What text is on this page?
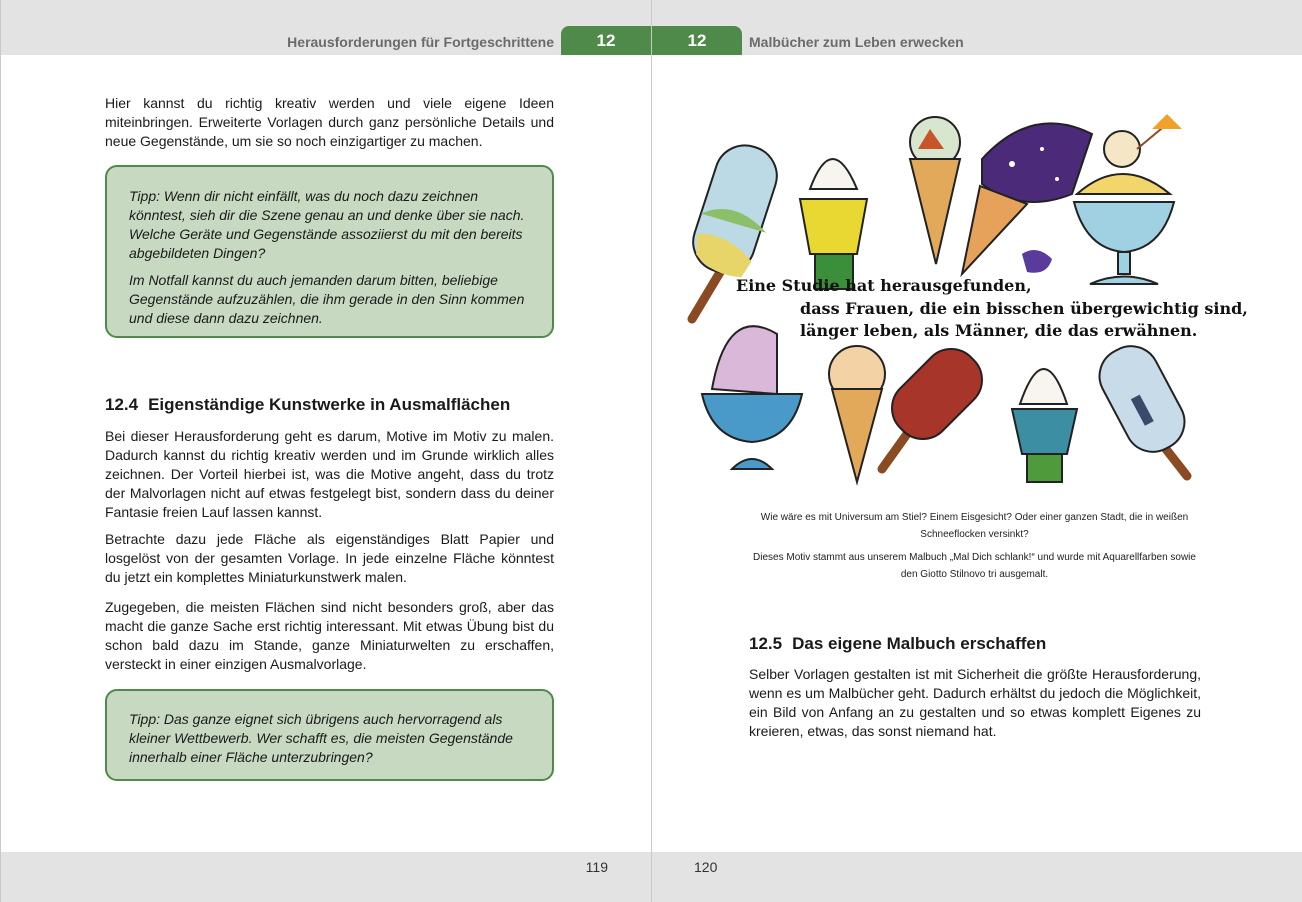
Herausforderungen für Fortgeschrittene	12

Hier kannst du richtig kreativ werden und viele eigene Ideen miteinbringen. Erweiterte Vorlagen durch ganz persönliche Details und neue Gegenstände, um sie so noch einzigartiger zu machen.

Tipp: Wenn dir nicht einfällt, was du noch dazu zeichnen könntest, sieh dir die Szene genau an und denke über sie nach. Welche Geräte und Gegenstände assoziierst du mit den bereits abgebildeten Dingen?

Im Notfall kannst du auch jemanden darum bitten, beliebige Gegenstände aufzuzählen, die ihm gerade in den Sinn kommen und diese dann dazu zeichnen.

12.4 Eigenständige Kunstwerke in Ausmalflächen

Bei dieser Herausforderung geht es darum, Motive im Motiv zu malen. Dadurch kannst du richtig kreativ werden und im Grunde wirklich alles zeichnen. Der Vorteil hierbei ist, was die Motive angeht, dass du trotz der Malvorlagen nicht auf etwas festgelegt bist, sondern dass du deiner Fantasie freien Lauf lassen kannst.

Betrachte dazu jede Fläche als eigenständiges Blatt Papier und losgelöst von der gesamten Vorlage. In jede einzelne Fläche könntest du jetzt ein komplettes Miniaturkunstwerk malen.

Zugegeben, die meisten Flächen sind nicht besonders groß, aber das macht die ganze Sache erst richtig interessant. Mit etwas Übung bist du schon bald dazu im Stande, ganze Miniaturwelten zu erschaffen, versteckt in einer einzigen Ausmalvorlage.

Tipp: Das ganze eignet sich übrigens auch hervorragend als kleiner Wettbewerb. Wer schafft es, die meisten Gegenstände innerhalb einer Fläche unterzubringen?

119
12	Malbücher zum Leben erwecken
Eine Studie hat herausgefunden,
dass Frauen, die ein bisschen übergewichtig sind,
länger leben, als Männer, die das erwähnen.

Wie wäre es mit Universum am Stiel? Einem Eisgesicht? Oder einer ganzen Stadt, die in weißen Schneeflocken versinkt?

Dieses Motiv stammt aus unserem Malbuch „Mal Dich schlank!“ und wurde mit Aquarellfarben sowie den Giotto Stilnovo tri ausgemalt.

12.5 Das eigene Malbuch erschaffen

Selber Vorlagen gestalten ist mit Sicherheit die größte Herausforderung, wenn es um Malbücher geht. Dadurch erhältst du jedoch die Möglichkeit, ein Bild von Anfang an zu gestalten und so etwas komplett Eigenes zu kreieren, etwas, das sonst niemand hat.

120
